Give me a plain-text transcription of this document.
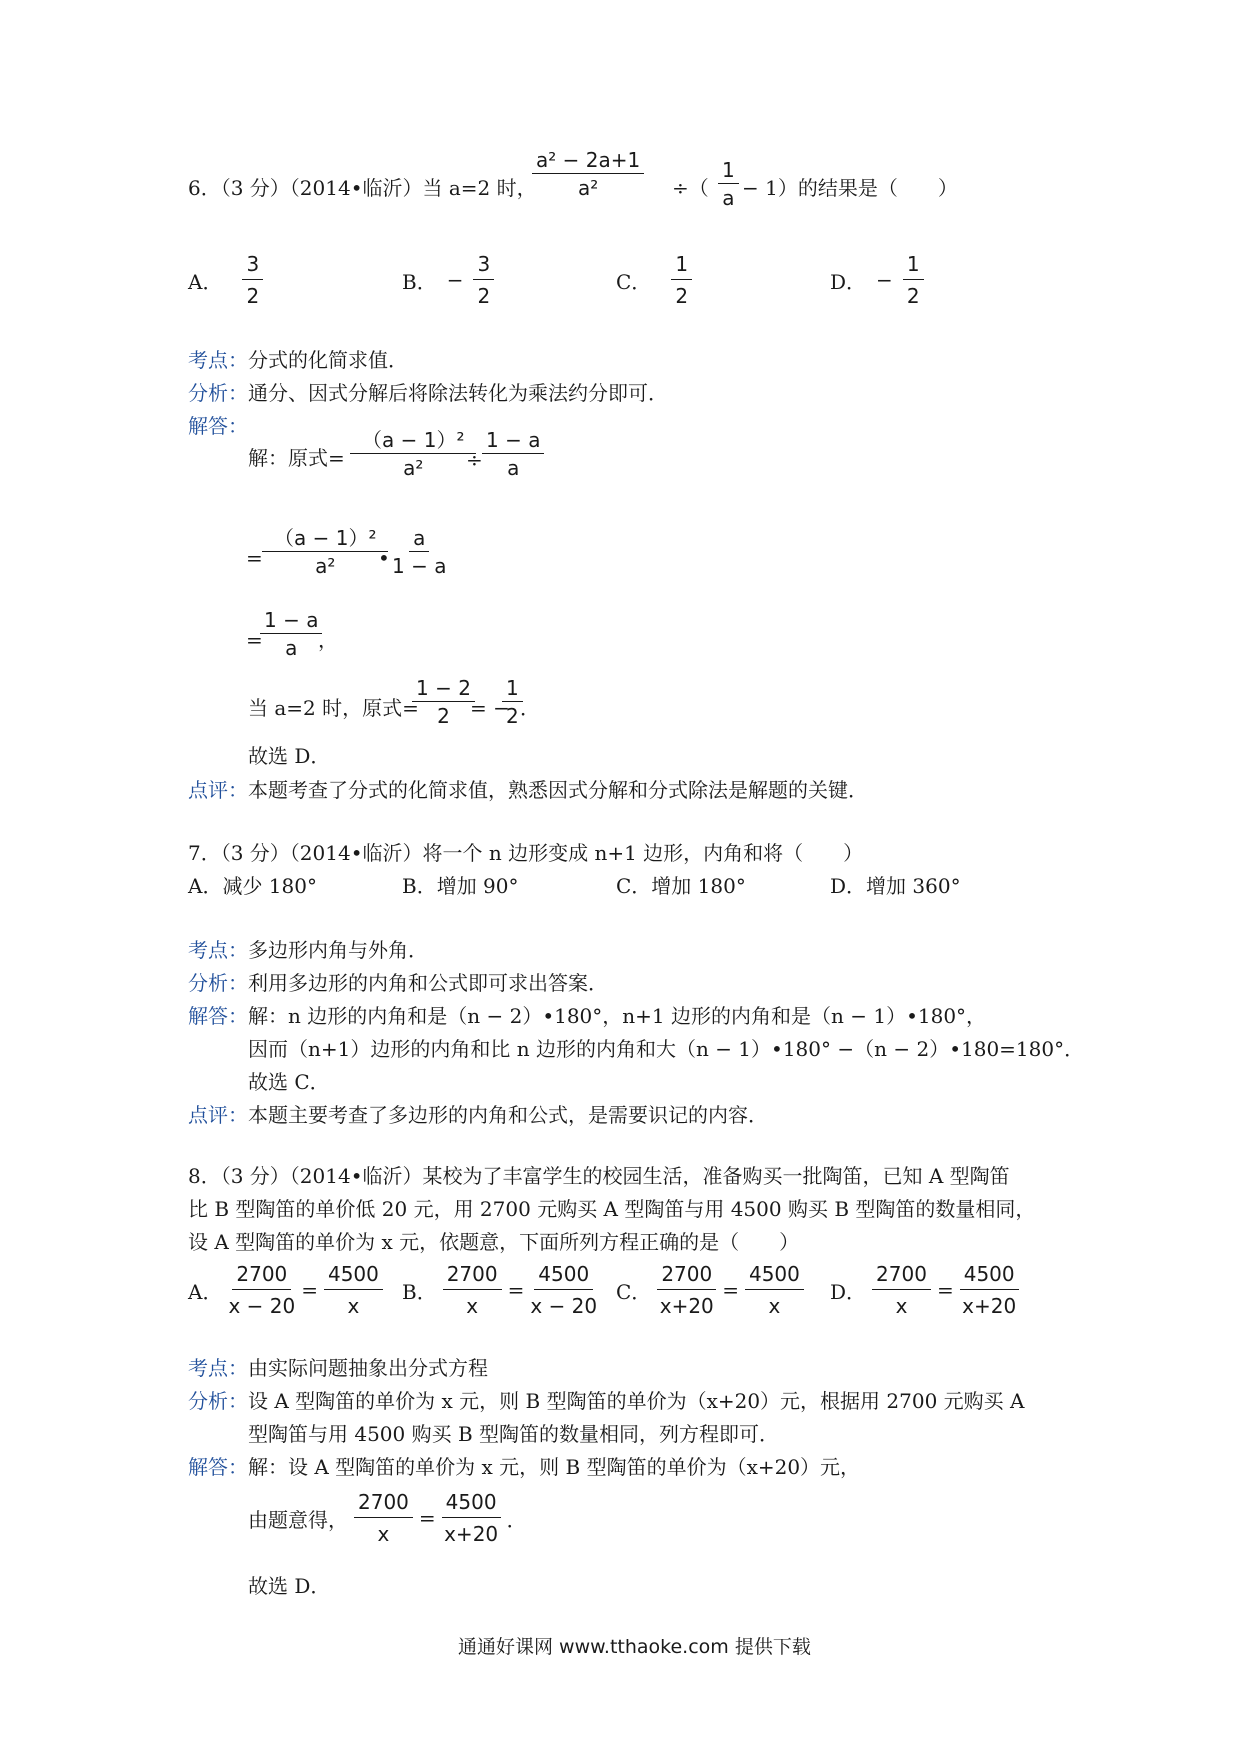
6．（3 分）（2014•临沂）当 a=2 时，
$\frac{\text{a² − 2a+1}}{\text{a²}}$ ÷（ $\frac{1}{a} - 1$）的结果是（　　）
A． $\frac{3}{2}$	B． − $\frac{3}{2}$	C． $\frac{1}{2}$	D． − $\frac{1}{2}$
考点：分式的化简求值．
分析：通分、因式分解后将除法转化为乘法约分即可．
解答：
解：原式= $\frac{\text{（a − 1）²}}{\text{a²}}$
÷ $\frac{1 - a}{a}$
= $\frac{\text{（a − 1）²}}{\text{a²}}$
• $\frac{a}{1 - a}$
=
$\frac{1 - a}{a}$
，
当 a=2 时，原式=
$\frac{1 - 2}{2}$
= −
$\frac{1}{2}$
．
故选 D．
点评：本题考查了分式的化简求值，熟悉因式分解和分式除法是解题的关键．
7．（3 分）（2014•临沂）将一个 n 边形变成 n+1 边形，内角和将（　　）
A．减少 180°	B．增加 90°	C．增加 180°	D．增加 360°
考点：多边形内角与外角．
分析：利用多边形的内角和公式即可求出答案．
解答：解：n 边形的内角和是（n − 2）•180°，n+1 边形的内角和是（n − 1）•180°，
因而（n+1）边形的内角和比 n 边形的内角和大（n − 1）•180° −（n − 2）•180=180°．
故选 C．
点评：本题主要考查了多边形的内角和公式，是需要识记的内容．
8．（3 分）（2014•临沂）某校为了丰富学生的校园生活，准备购买一批陶笛，已知 A 型陶笛
比 B 型陶笛的单价低 20 元，用 2700 元购买 A 型陶笛与用 4500 购买 B 型陶笛的数量相同，
设 A 型陶笛的单价为 x 元，依题意，下面所列方程正确的是（　　）
A． $\frac{2700}{x - 20} = \frac{4500}{x}$ B． $\frac{2700}{x} = \frac{4500}{x - 20}$ C． $\frac{2700}{x+20} = \frac{4500}{x}$ D． $\frac{2700}{x} = \frac{4500}{x+20}$
考点：由实际问题抽象出分式方程
分析：设 A 型陶笛的单价为 x 元，则 B 型陶笛的单价为（x+20）元，根据用 2700 元购买 A
型陶笛与用 4500 购买 B 型陶笛的数量相同，列方程即可．
解答：解：设 A 型陶笛的单价为 x 元，则 B 型陶笛的单价为（x+20）元，
由题意得， $\frac{2700}{x} = \frac{4500}{x+20}$ ．
故选 D．
通通好课网 www.tthaoke.com 提供下载
